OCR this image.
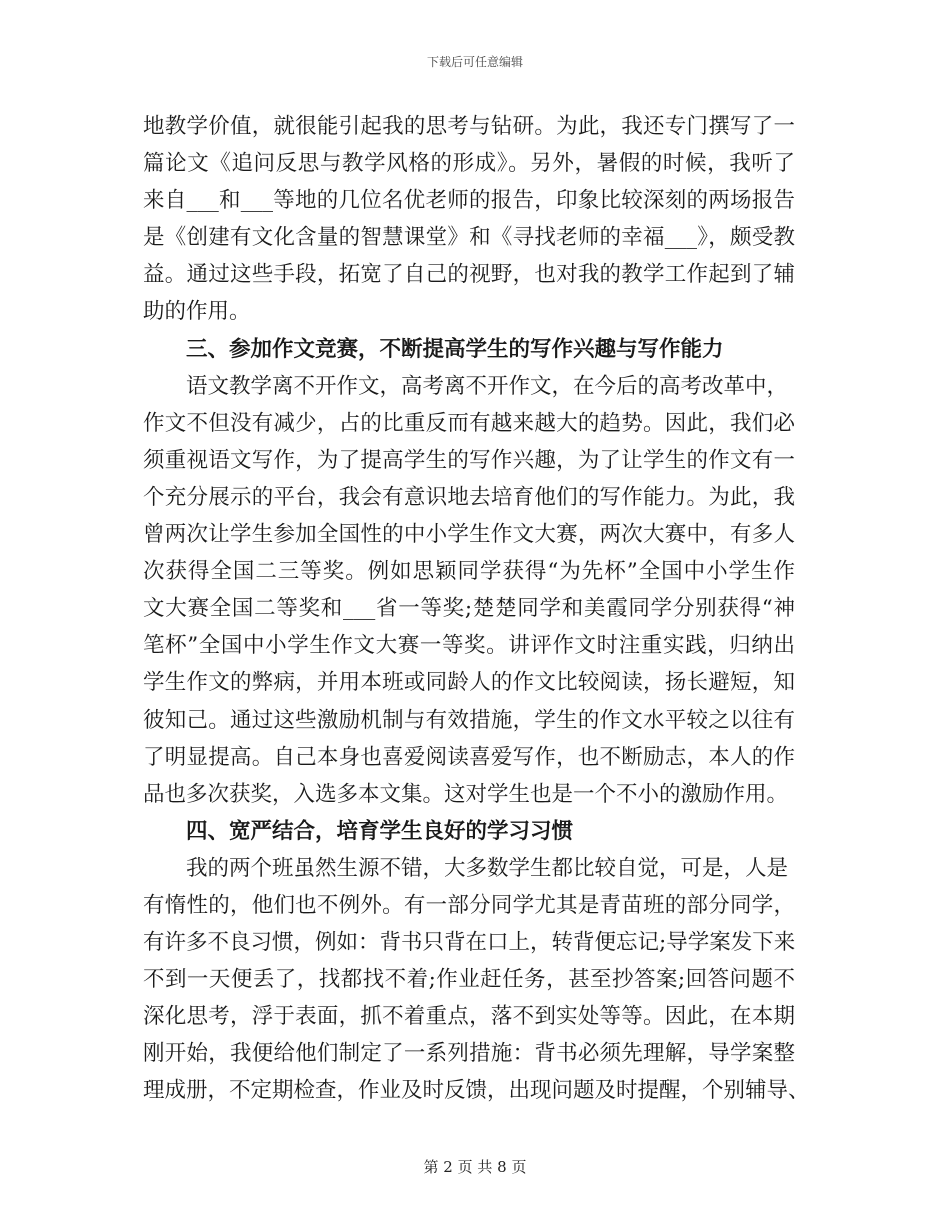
下载后可任意编辑
地教学价值，就很能引起我的思考与钻研。为此，我还专门撰写了一
篇论文《追问反思与教学风格的形成》。另外，暑假的时候，我听了
来自___和___等地的几位名优老师的报告，印象比较深刻的两场报告
是《创建有文化含量的智慧课堂》和《寻找老师的幸福___》，颇受教
益。通过这些手段，拓宽了自己的视野，也对我的教学工作起到了辅
助的作用。
三、参加作文竞赛，不断提高学生的写作兴趣与写作能力
语文教学离不开作文，高考离不开作文，在今后的高考改革中，
作文不但没有减少，占的比重反而有越来越大的趋势。因此，我们必
须重视语文写作，为了提高学生的写作兴趣，为了让学生的作文有一
个充分展示的平台，我会有意识地去培育他们的写作能力。为此，我
曾两次让学生参加全国性的中小学生作文大赛，两次大赛中，有多人
次获得全国二三等奖。例如思颖同学获得“为先杯”全国中小学生作
文大赛全国二等奖和___省一等奖;楚楚同学和美霞同学分别获得“神
笔杯”全国中小学生作文大赛一等奖。讲评作文时注重实践，归纳出
学生作文的弊病，并用本班或同龄人的作文比较阅读，扬长避短，知
彼知己。通过这些激励机制与有效措施，学生的作文水平较之以往有
了明显提高。自己本身也喜爱阅读喜爱写作，也不断励志，本人的作
品也多次获奖，入选多本文集。这对学生也是一个不小的激励作用。
四、宽严结合，培育学生良好的学习习惯
我的两个班虽然生源不错，大多数学生都比较自觉，可是，人是
有惰性的，他们也不例外。有一部分同学尤其是青苗班的部分同学，
有许多不良习惯，例如：背书只背在口上，转背便忘记;导学案发下来
不到一天便丢了，找都找不着;作业赶任务，甚至抄答案;回答问题不
深化思考，浮于表面，抓不着重点，落不到实处等等。因此，在本期
刚开始，我便给他们制定了一系列措施：背书必须先理解，导学案整
理成册，不定期检查，作业及时反馈，出现问题及时提醒，个别辅导、
第 2 页 共 8 页
